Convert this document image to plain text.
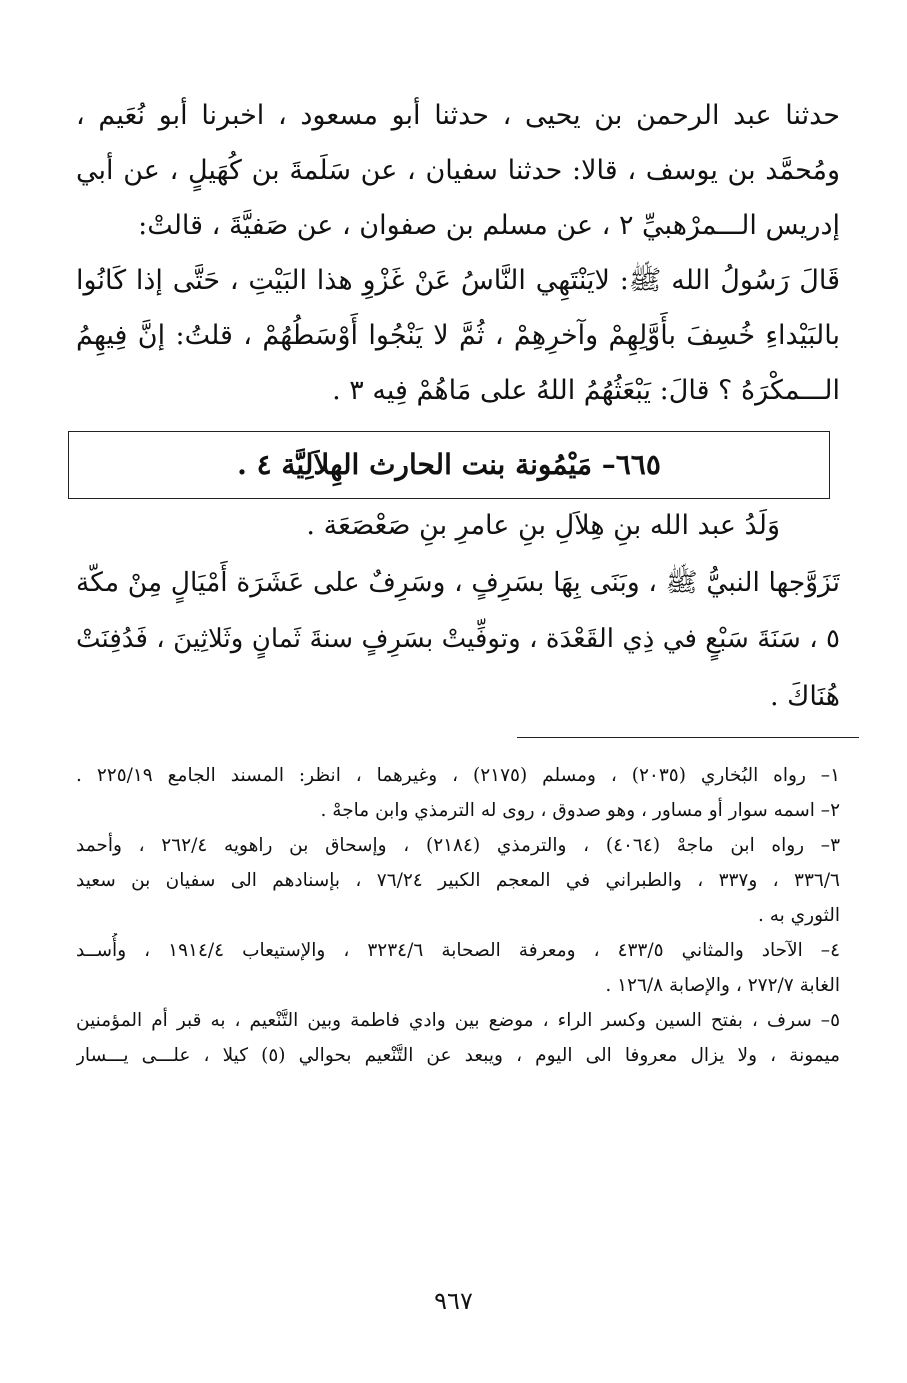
حدثنا عبد الرحمن بن يحيى ، حدثنا أبو مسعود ، اخبرنا أبو نُعَيم ،
ومُحمَّد بن يوسف ، قالا: حدثنا سفيان ، عن سَلَمةَ بن كُهَيلٍ ، عن أبي
إدريس الـــمرْهبيِّ ٢ ، عن مسلم بن صفوان ، عن صَفيَّةَ ، قالتْ:
قَالَ رَسُولُ الله ﷺ: لايَنْتَهِي النَّاسُ عَنْ غَزْوِ هذا البَيْتِ ، حَتَّى إذا كَانُوا
بالبَيْداءِ خُسِفَ بأَوَّلِهِمْ وآخرِهِمْ ، ثُمَّ لا يَنْجُوا أَوْسَطُهُمْ ، قلتُ: إنَّ فِيهِمُ
الـــمكْرَهُ ؟ قالَ: يَبْعَثُهُمُ اللهُ على مَاهُمْ فِيه ٣ .
٦٦٥– مَيْمُونة بنت الحارث الهِلاَلِيَّة ٤ .
وَلَدُ عبد الله بنِ هِلاَلِ بنِ عامرِ بنِ صَعْصَعَة .
تَزَوَّجها النبيُّ ﷺ ، وبَنَى بِهَا بسَرِفٍ ، وسَرِفٌ على عَشَرَة أَمْيَالٍ مِنْ مكّة
٥ ، سَنَةَ سَبْعٍ في ذِي القَعْدَة ، وتوفِّيتْ بسَرِفٍ سنةَ ثَمانٍ وثَلاثِينَ ، فَدُفِنَتْ
هُنَاكَ .
١– رواه البُخاري (٢٠٣٥) ، ومسلم (٢١٧٥) ، وغيرهما ، انظر: المسند الجامع ٢٢٥/١٩ .
٢– اسمه سوار أو مساور ، وهو صدوق ، روى له الترمذي وابن ماجهْ .
٣– رواه ابن ماجهْ (٤٠٦٤) ، والترمذي (٢١٨٤) ، وإسحاق بن راهويه ٢٦٢/٤ ، وأحمد
٣٣٦/٦ ، و٣٣٧ ، والطبراني في المعجم الكبير ٧٦/٢٤ ، بإسنادهم الى سفيان بن سعيد
الثوري به .
٤– الآحاد والمثاني ٤٣٣/٥ ، ومعرفة الصحابة ٣٢٣٤/٦ ، والإستيعاب ١٩١٤/٤ ، وأُســد
الغابة ٢٧٢/٧ ، والإصابة ١٢٦/٨ .
٥– سرف ، بفتح السين وكسر الراء ، موضع بين وادي فاطمة وبين التَّنْعيم ، به قبر أم المؤمنين
ميمونة ، ولا يزال معروفا الى اليوم ، ويبعد عن التَّنْعيم بحوالي (٥) كيلا ، علـــى يـــسار
٩٦٧
